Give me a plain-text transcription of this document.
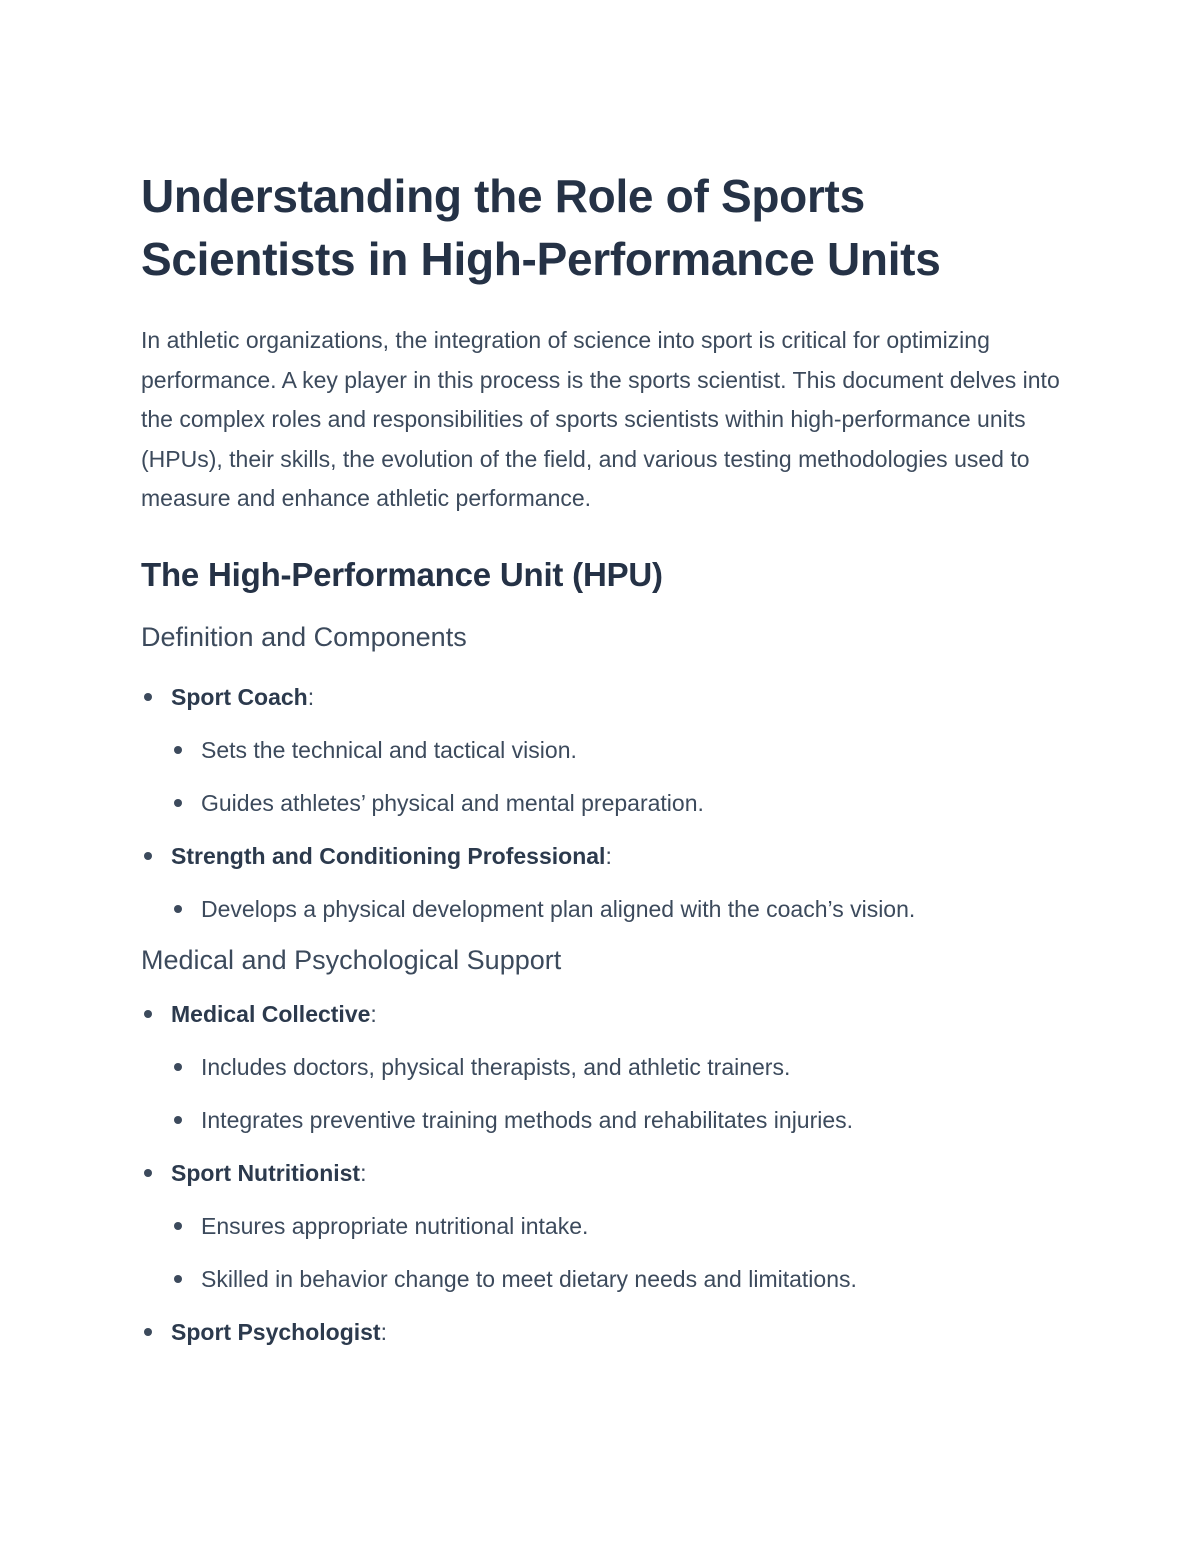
Understanding the Role of Sports Scientists in High-Performance Units

In athletic organizations, the integration of science into sport is critical for optimizing performance. A key player in this process is the sports scientist. This document delves into the complex roles and responsibilities of sports scientists within high-performance units (HPUs), their skills, the evolution of the field, and various testing methodologies used to measure and enhance athletic performance.

The High-Performance Unit (HPU)
Definition and Components
Sport Coach:
Sets the technical and tactical vision.
Guides athletes’ physical and mental preparation.
Strength and Conditioning Professional:
Develops a physical development plan aligned with the coach’s vision.
Medical and Psychological Support
Medical Collective:
Includes doctors, physical therapists, and athletic trainers.
Integrates preventive training methods and rehabilitates injuries.
Sport Nutritionist:
Ensures appropriate nutritional intake.
Skilled in behavior change to meet dietary needs and limitations.
Sport Psychologist:
